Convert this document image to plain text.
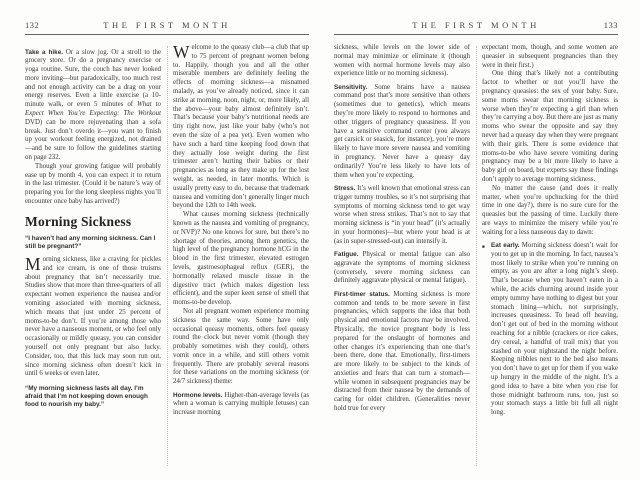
132	THE FIRST MONTH
Take a hike. Or a slow jog. Or a stroll to the grocery store. Or do a pregnancy exercise or yoga routine. Sure, the couch has never looked more inviting—but paradoxically, too much rest and not enough activity can be a drag on your energy reserves. Even a little exercise (a 10-minute walk, or even 5 minutes of What to Expect When You’re Expecting: The Workout DVD) can be more rejuvenating than a sofa break. Just don’t overdo it—you want to finish up your workout feeling energized, not drained—and be sure to follow the guidelines starting on page 232.
Though your growing fatigue will probably ease up by month 4, you can expect it to return in the last trimester. (Could it be nature’s way of preparing you for the long sleepless nights you’ll encounter once baby has arrived?)
Morning Sickness
“I haven’t had any morning sickness. Can I still be pregnant?”
Morning sickness, like a craving for pickles and ice cream, is one of those truisms about pregnancy that isn’t necessarily true. Studies show that more than three-quarters of all expectant women experience the nausea and/or vomiting associated with morning sickness, which means that just under 25 percent of moms-to-be don’t. If you’re among those who never have a nauseous moment, or who feel only occasionally or mildly queasy, you can consider yourself not only pregnant but also lucky. Consider, too, that this luck may soon run out, since morning sickness often doesn’t kick in until 6 weeks or even later.
“My morning sickness lasts all day. I’m afraid that I’m not keeping down enough food to nourish my baby.”
Welcome to the queasy club—a club that up to 75 percent of pregnant women belong to. Happily, though you and all the other miserable members are definitely feeling the effects of morning sickness—a misnamed malady, as you’ve already noticed, since it can strike at morning, noon, night, or, more likely, all the above—your baby almost definitely isn’t. That’s because your baby’s nutritional needs are tiny right now, just like your baby (who’s not even the size of a pea yet). Even women who have such a hard time keeping food down that they actually lose weight during the first trimester aren’t hurting their babies or their pregnancies as long as they make up for the lost weight, as needed, in later months. Which is usually pretty easy to do, because that trademark nausea and vomiting don’t generally linger much beyond the 12th to 14th week.
What causes morning sickness (technically known as the nausea and vomiting of pregnancy, or NVP)? No one knows for sure, but there’s no shortage of theories, among them genetics, the high level of the pregnancy hormone hCG in the blood in the first trimester, elevated estrogen levels, gastroesophageal reflux (GER), the hormonally relaxed muscle tissue in the digestive tract (which makes digestion less efficient), and the super keen sense of smell that moms-to-be develop.
Not all pregnant women experience morning sickness the same way. Some have only occasional queasy moments, others feel queasy round the clock but never vomit (though they probably sometimes wish they could), others vomit once in a while, and still others vomit frequently. There are probably several reasons for these variations on the morning sickness (or 24/7 sickness) theme:
Hormone levels. Higher-than-average levels (as when a woman is carrying multiple fetuses) can increase morning
THE FIRST MONTH	133
sickness, while levels on the lower side of normal may minimize or eliminate it (though women with normal hormone levels may also experience little or no morning sickness).
Sensitivity. Some brains have a nausea command post that’s more sensitive than others (sometimes due to genetics), which means they’re more likely to respond to hormones and other triggers of pregnancy queasiness. If you have a sensitive command center (you always get carsick or seasick, for instance), you’re more likely to have more severe nausea and vomiting in pregnancy. Never have a queasy day ordinarily? You’re less likely to have lots of them when you’re expecting.
Stress. It’s well known that emotional stress can trigger tummy troubles, so it’s not surprising that symptoms of morning sickness tend to get way worse when stress strikes. That’s not to say that morning sickness is “in your head” (it’s actually in your hormones)—but where your head is at (as in super-stressed-out) can intensify it.
Fatigue. Physical or mental fatigue can also aggravate the symptoms of morning sickness (conversely, severe morning sickness can definitely aggravate physical or mental fatigue).
First-timer status. Morning sickness is more common and tends to be more severe in first pregnancies, which supports the idea that both physical and emotional factors may be involved. Physically, the novice pregnant body is less prepared for the onslaught of hormones and other changes it’s experiencing than one that’s been there, done that. Emotionally, first-timers are more likely to be subject to the kinds of anxieties and fears that can turn a stomach—while women in subsequent pregnancies may be distracted from their nausea by the demands of caring for older children. (Generalities never hold true for every
expectant mom, though, and some women are queasier in subsequent pregnancies than they were in their first.)
One thing that’s likely not a contributing factor to whether or not you’ll have the pregnancy queasies: the sex of your baby. Sure, some moms swear that morning sickness is worse when they’re expecting a girl than when they’re carrying a boy. But there are just as many moms who swear the opposite and say they never had a queasy day when they were pregnant with their girls. There is some evidence that moms-to-be who have severe vomiting during pregnancy may be a bit more likely to have a baby girl on board, but experts say these findings don’t apply to average morning sickness.
No matter the cause (and does it really matter, when you’re upchucking for the third time in one day?), there is no sure cure for the queasies but the passing of time. Luckily there are ways to minimize the misery while you’re waiting for a less nauseous day to dawn:
■ Eat early. Morning sickness doesn’t wait for you to get up in the morning. In fact, nausea’s most likely to strike when you’re running on empty, as you are after a long night’s sleep. That’s because when you haven’t eaten in a while, the acids churning around inside your empty tummy have nothing to digest but your stomach lining—which, not surprisingly, increases queasiness. To head off heaving, don’t get out of bed in the morning without reaching for a nibble (crackers or rice cakes, dry cereal, a handful of trail mix) that you stashed on your nightstand the night before. Keeping nibbles next to the bed also means you don’t have to get up for them if you wake up hungry in the middle of the night. It’s a good idea to have a bite when you rise for those midnight bathroom runs, too, just so your stomach stays a little bit full all night long.
